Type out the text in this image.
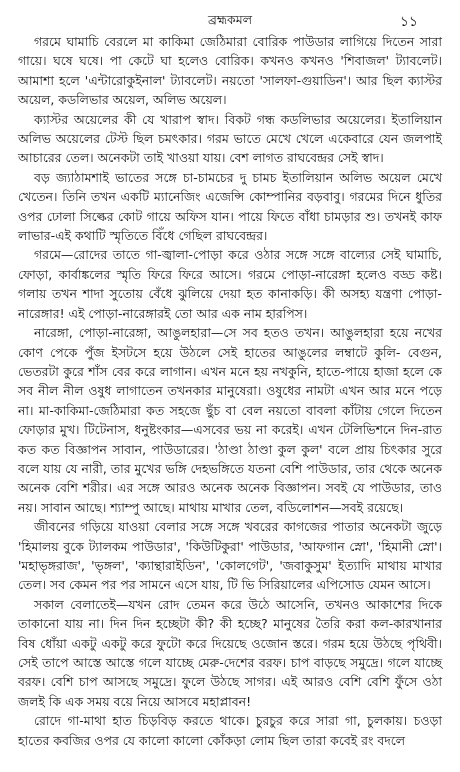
ব্রহ্মকমল	১১

গরমে ঘামাচি বেরলে মা কাকিমা জেঠিমারা বোরিক পাউডার লাগিয়ে দিতেন সারা গায়ে। ঘষে ঘষে। পা কেটে ঘা হলেও বোরিক। কখনও কখনও 'শিবাজল' ট্যাবলেট। আমাশা হলে 'এন্টারোকুইনাল' ট্যাবলেট। নয়তো 'সালফা-গুয়াডিন'। আর ছিল ক্যাস্টর অয়েল, কডলিভার অয়েল, অলিভ অয়েল।

ক্যাস্টর অয়েলের কী যে খারাপ স্বাদ। বিকট গন্ধ কডলিভার অয়েলের। ইতালিয়ান অলিভ অয়েলের টেস্ট ছিল চমৎকার। গরম ভাতে মেখে খেলে একেবারে যেন জলপাই আচারের তেল। অনেকটা তাই খাওয়া যায়। বেশ লাগত রাঘবেন্দ্রর সেই স্বাদ।

বড় জ্যাঠামশাই ভাতের সঙ্গে চা-চামচের দু চামচ ইতালিয়ান অলিভ অয়েল মেখে খেতেন। তিনি তখন একটি ম্যানেজিং এজেন্সি কোম্পানির বড়বাবু। গরমের দিনে ধুতির ওপর ঢোলা সিল্কের কোট গায়ে অফিস যান। পায়ে ফিতে বাঁধা চামড়ার শু। তখনই কাফ লাভার-এই কথাটি স্মৃতিতে বিঁধে গেছিল রাঘবেন্দ্রর।

গরমে—রোদের তাতে গা-জ্বালা-পোড়া করে ওঠার সঙ্গে সঙ্গে বাল্যের সেই ঘামাচি, ফোড়া, কার্বাঙ্কলের স্মৃতি ফিরে ফিরে আসে। গরমে পোড়া-নারেঙ্গা হলেও বড্ড কষ্ট। গলায় তখন শাদা সুতোয় বেঁধে ঝুলিয়ে দেয়া হত কানাকড়ি। কী অসহ্য যন্ত্রণা পোড়া-নারেঙ্গার! এই পোড়া-নারেঙ্গারই তো আর এক নাম হারপিস।

নারেঙ্গা, পোড়া-নারেঙ্গা, আঙুলহারা—সে সব হতও তখন। আঙুলহারা হয়ে নখের কোণ পেকে পুঁজ ইসটসে হয়ে উঠলে সেই হাতের আঙুলের লম্বাটে কুলি- বেগুন, ভেতরটা কুরে শাঁস বের করে লাগান। এখন মনে হয় নখকুনি, হাতে-পায়ে হাজা হলে কে সব নীল নীল ওষুধ লাগাতেন তখনকার মানুষেরা। ওষুধের নামটা এখন আর মনে পড়ে না। মা-কাকিমা-জেঠিমারা কত সহজে ছুঁচ বা বেল নয়তো বাবলা কাঁটায় গেলে দিতেন ফোড়ার মুখ। টিটেনাস, ধনুষ্টংকার—এসবের ভয় না করেই। এখন টেলিভিশনে দিন-রাত কত কত বিজ্ঞাপন সাবান, পাউডারের। 'ঠাণ্ডা ঠাণ্ডা কুল কুল' বলে প্রায় চিৎকার সুরে বলে যায় যে নারী, তার মুখের ভঙ্গি দেহভঙ্গিতে যতনা বেশি পাউডার, তার থেকে অনেক অনেক বেশি শরীর। এর সঙ্গে আরও অনেক অনেক বিজ্ঞাপন। সবই যে পাউডার, তাও নয়। সাবান আছে। শ্যাম্পু আছে। মাথায় মাখার তেল, বডিলোশন—সবই রয়েছে।

জীবনের গড়িয়ে যাওয়া বেলার সঙ্গে সঙ্গে খবরের কাগজের পাতার অনেকটা জুড়ে 'হিমালয় বুকে ট্যালকম পাউডার', 'কিউটিকুরা' পাউডার, 'আফগান স্নো', 'হিমানী স্নো'। 'মহাভৃঙ্গরাজ', 'ভৃঙ্গল', 'ক্যান্থারাইডিন', 'কোলগেট', 'জবাকুসুম' ইত্যাদি মাথায় মাখার তেল। সব কেমন পর পর সামনে এসে যায়, টি ভি সিরিয়ালের এপিসোড যেমন আসে।

সকাল বেলাতেই—যখন রোদ তেমন করে উঠে আসেনি, তখনও আকাশের দিকে তাকানো যায় না। দিন দিন হচ্ছেটা কী? কী হচ্ছে? মানুষের তৈরি করা কল-কারখানার বিষ ধোঁয়া একটু একটু করে ফুটো করে দিয়েছে ওজোন স্তরে। গরম হয়ে উঠছে পৃথিবী। সেই তাপে আস্তে আস্তে গলে যাচ্ছে মেরু-দেশের বরফ। চাপ বাড়ছে সমুদ্রে। গলে যাচ্ছে বরফ। বেশি চাপ আসছে সমুদ্রে। ফুলে উঠছে সাগর। এই আরও বেশি বেশি ফুঁসে ওঠা জলই কি এক সময় বয়ে নিয়ে আসবে মহাপ্লাবন!

রোদে গা-মাথা হাত চিড়বিড় করতে থাকে। চুরচুর করে সারা গা, চুলকায়। চওড়া হাতের কবজির ওপর যে কালো কালো কোঁকড়া লোম ছিল তারা কবেই রং বদলে
